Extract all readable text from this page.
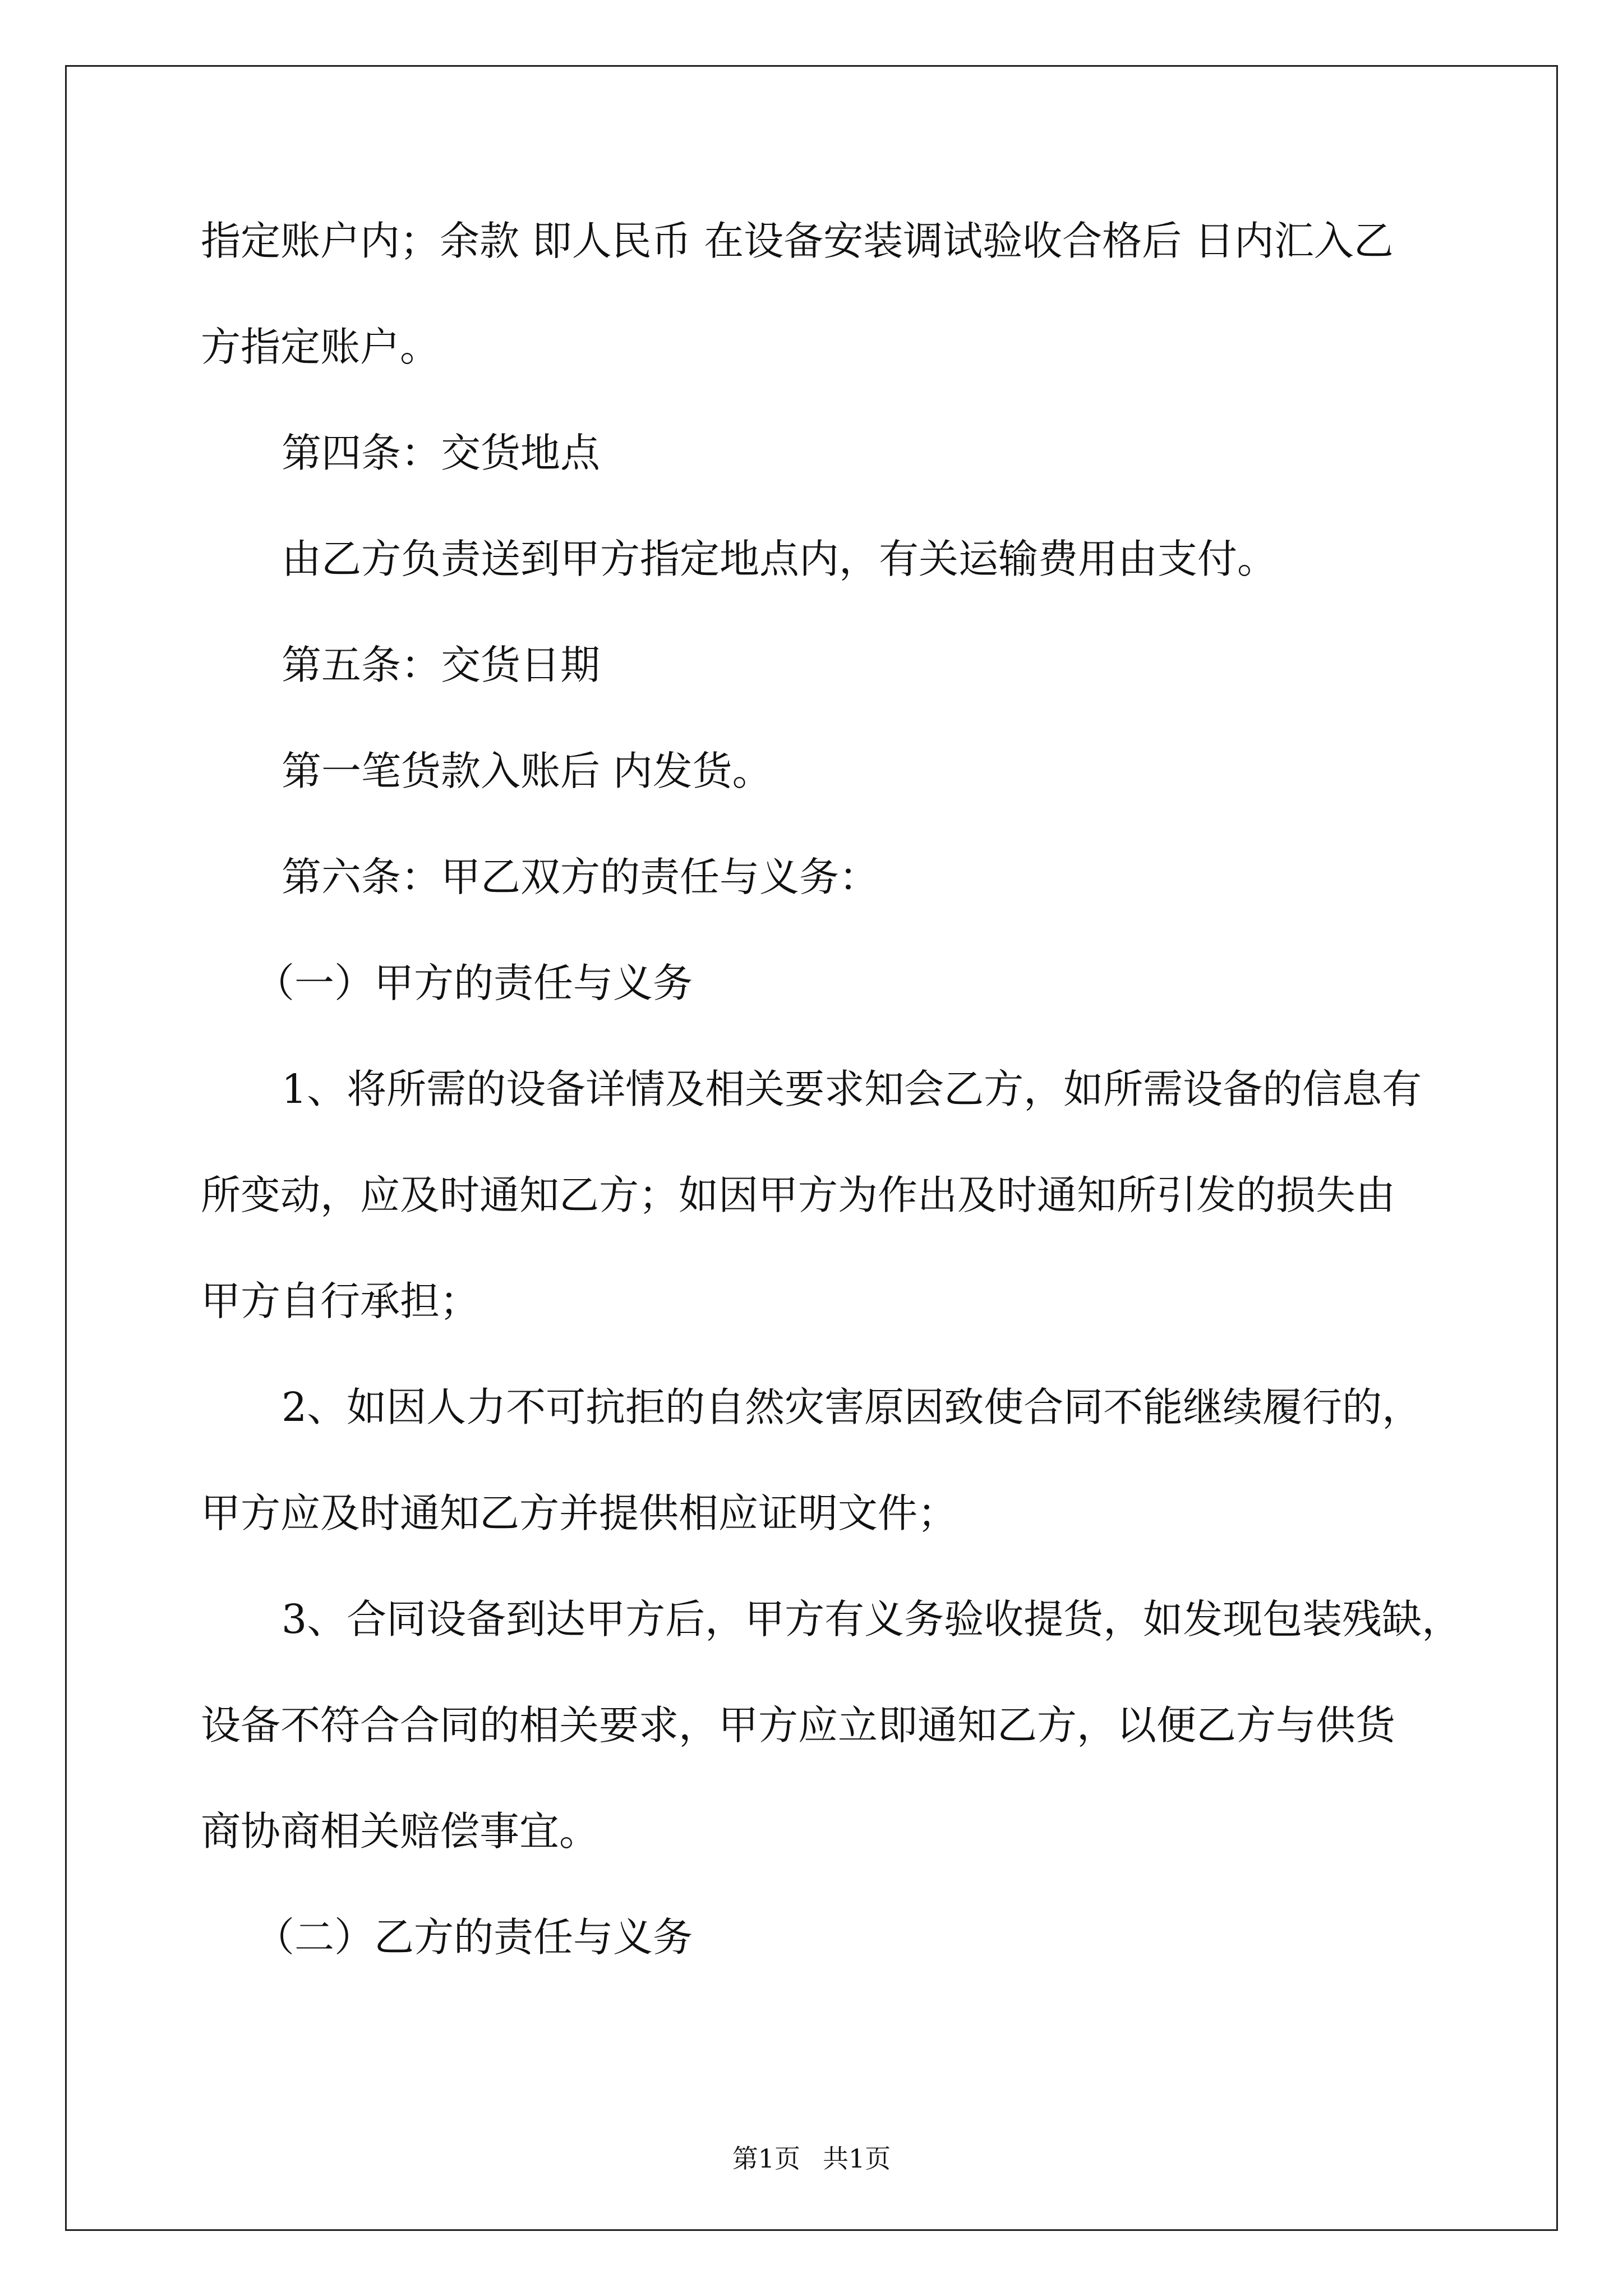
指定账户内；余款 即人民币 在设备安装调试验收合格后 日内汇入乙

方指定账户。

第四条：交货地点

由乙方负责送到甲方指定地点内，有关运输费用由支付。

第五条：交货日期

第一笔货款入账后 内发货。

第六条：甲乙双方的责任与义务：

（一）甲方的责任与义务

1、将所需的设备详情及相关要求知会乙方，如所需设备的信息有

所变动，应及时通知乙方；如因甲方为作出及时通知所引发的损失由

甲方自行承担；

2、如因人力不可抗拒的自然灾害原因致使合同不能继续履行的，

甲方应及时通知乙方并提供相应证明文件；

3、合同设备到达甲方后，甲方有义务验收提货，如发现包装残缺，

设备不符合合同的相关要求，甲方应立即通知乙方，以便乙方与供货

商协商相关赔偿事宜。

（二）乙方的责任与义务

第1页 共1页
